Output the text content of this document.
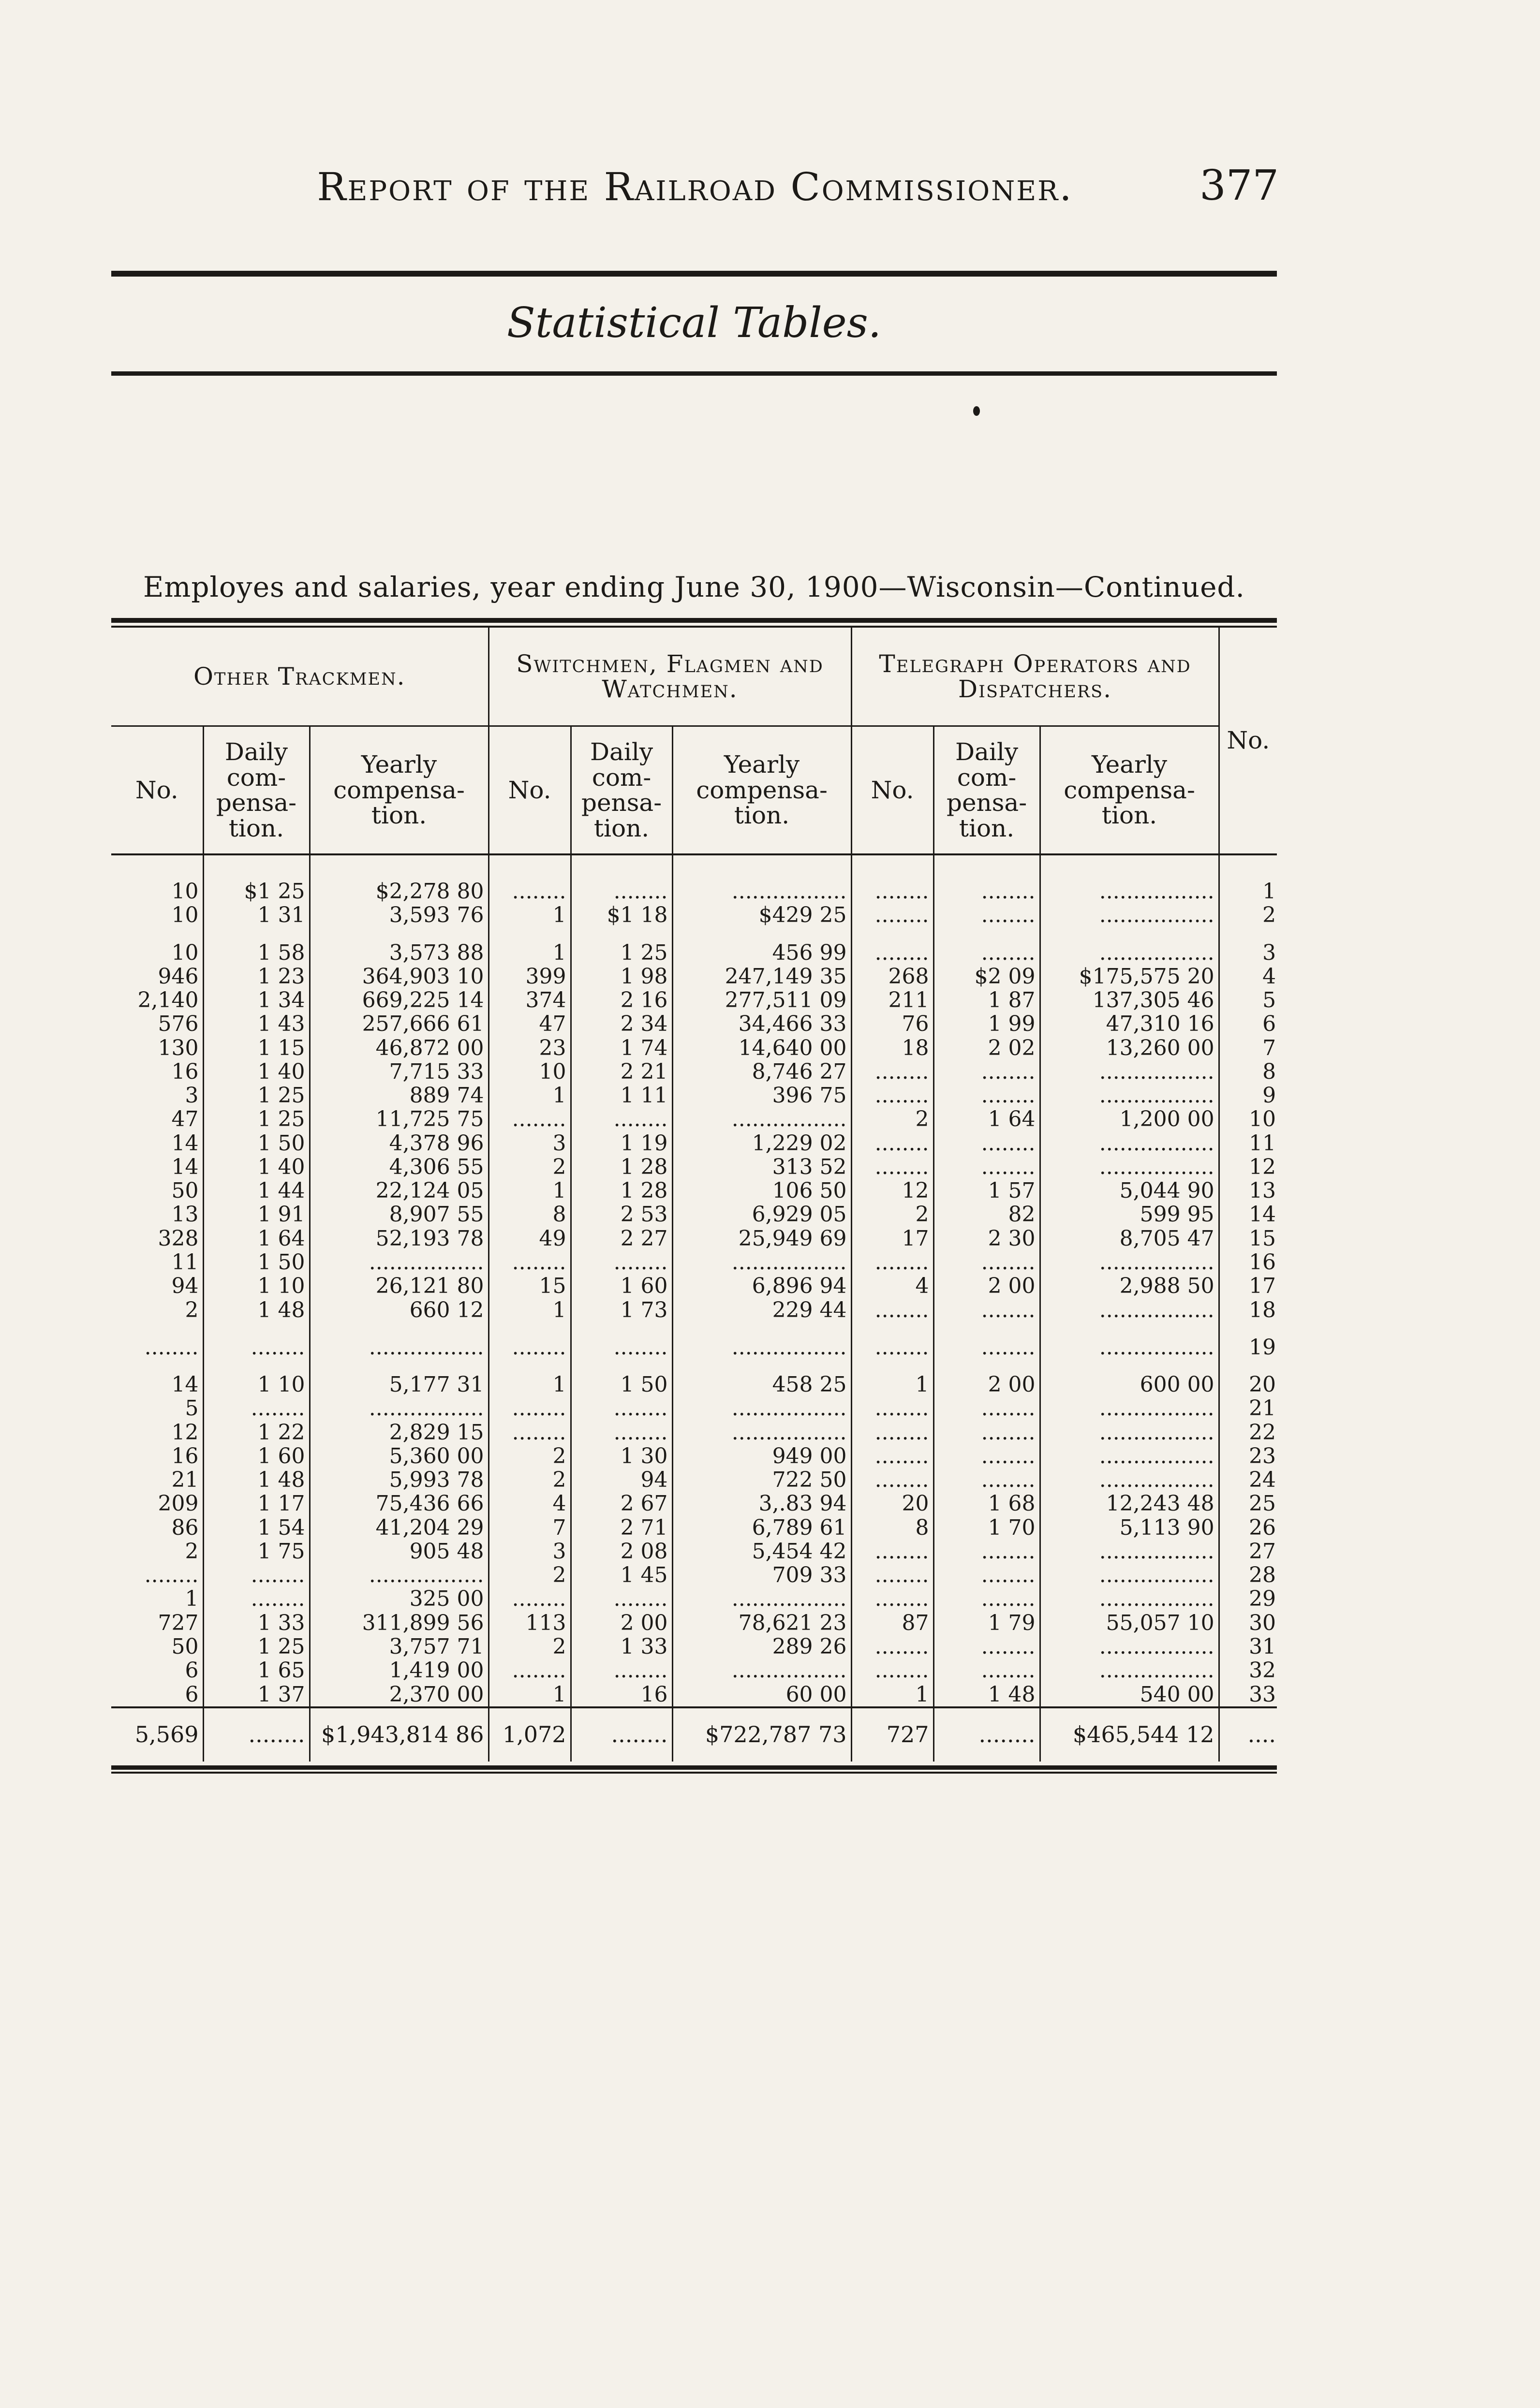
Report of the Railroad Commissioner.	377
Statistical Tables.
Employes and salaries, year ending June 30, 1900—Wisconsin—Continued.
Other Trackmen.			Switchmen, Flagmen and Watchmen.			Telegraph Operators and Dispatchers.			No.
No.	Daily com-pensa-tion.	Yearly compensa-tion.	No.	Daily com-pensa-tion.	Yearly compensa-tion.	No.	Daily com-pensa-tion.	Yearly compensa-tion.	

10	$1 25	$2,278 80	........	........	.................	........	........	.................	1
10	1 31	3,593 76	1	$1 18	$429 25	........	........	.................	2

10	1 58	3,573 88	1	1 25	456 99	........	........	.................	3
946	1 23	364,903 10	399	1 98	247,149 35	268	$2 09	$175,575 20	4
2,140	1 34	669,225 14	374	2 16	277,511 09	211	1 87	137,305 46	5
576	1 43	257,666 61	47	2 34	34,466 33	76	1 99	47,310 16	6
130	1 15	46,872 00	23	1 74	14,640 00	18	2 02	13,260 00	7
16	1 40	7,715 33	10	2 21	8,746 27	........	........	.................	8
3	1 25	889 74	1	1 11	396 75	........	........	.................	9
47	1 25	11,725 75	........	........	.................	2	1 64	1,200 00	10
14	1 50	4,378 96	3	1 19	1,229 02	........	........	.................	11
14	1 40	4,306 55	2	1 28	313 52	........	........	.................	12
50	1 44	22,124 05	1	1 28	106 50	12	1 57	5,044 90	13
13	1 91	8,907 55	8	2 53	6,929 05	2	82	599 95	14
328	1 64	52,193 78	49	2 27	25,949 69	17	2 30	8,705 47	15
11	1 50	.................	........	........	.................	........	........	.................	16
94	1 10	26,121 80	15	1 60	6,896 94	4	2 00	2,988 50	17
2	1 48	660 12	1	1 73	229 44	........	........	.................	18

........	........	.................	........	........	.................	........	........	.................	19

14	1 10	5,177 31	1	1 50	458 25	1	2 00	600 00	20
5	........	.................	........	........	.................	........	........	.................	21
12	1 22	2,829 15	........	........	.................	........	........	.................	22
16	1 60	5,360 00	2	1 30	949 00	........	........	.................	23
21	1 48	5,993 78	2	94	722 50	........	........	.................	24
209	1 17	75,436 66	4	2 67	3,.83 94	20	1 68	12,243 48	25
86	1 54	41,204 29	7	2 71	6,789 61	8	1 70	5,113 90	26
2	1 75	905 48	3	2 08	5,454 42	........	........	.................	27
........	........	.................	2	1 45	709 33	........	........	.................	28
1	........	325 00	........	........	.................	........	........	.................	29
727	1 33	311,899 56	113	2 00	78,621 23	87	1 79	55,057 10	30
50	1 25	3,757 71	2	1 33	289 26	........	........	.................	31
6	1 65	1,419 00	........	........	.................	........	........	.................	32
6	1 37	2,370 00	1	16	60 00	1	1 48	540 00	33
5,569	........	$1,943,814 86	1,072	........	$722,787 73	727	........	$465,544 12	....
